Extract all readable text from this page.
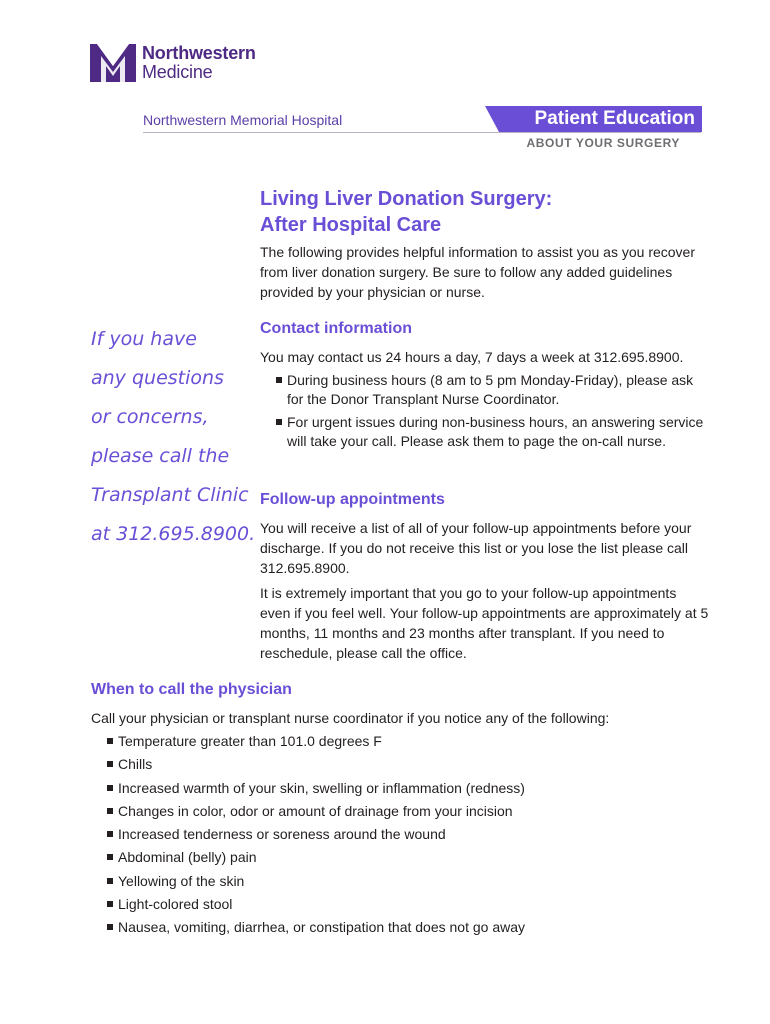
Northwestern
Medicine
Northwestern Memorial Hospital	Patient Education
ABOUT YOUR SURGERY
Living Liver Donation Surgery:
After Hospital Care

The following provides helpful information to assist you as you recover from liver donation surgery. Be sure to follow any added guidelines provided by your physician or nurse.

If you have
any questions
or concerns,
please call the
Transplant Clinic
at 312.695.8900.
Contact information

You may contact us 24 hours a day, 7 days a week at 312.695.8900.

During business hours (8 am to 5 pm Monday-Friday), please ask for the Donor Transplant Nurse Coordinator.
For urgent issues during non-business hours, an answering service will take your call. Please ask them to page the on-call nurse.
Follow-up appointments

You will receive a list of all of your follow-up appointments before your discharge. If you do not receive this list or you lose the list please call 312.695.8900.

It is extremely important that you go to your follow-up appointments even if you feel well. Your follow-up appointments are approximately at 5 months, 11 months and 23 months after transplant. If you need to reschedule, please call the office.

When to call the physician

Call your physician or transplant nurse coordinator if you notice any of the following:

Temperature greater than 101.0 degrees F
Chills
Increased warmth of your skin, swelling or inflammation (redness)
Changes in color, odor or amount of drainage from your incision
Increased tenderness or soreness around the wound
Abdominal (belly) pain
Yellowing of the skin
Light-colored stool
Nausea, vomiting, diarrhea, or constipation that does not go away
